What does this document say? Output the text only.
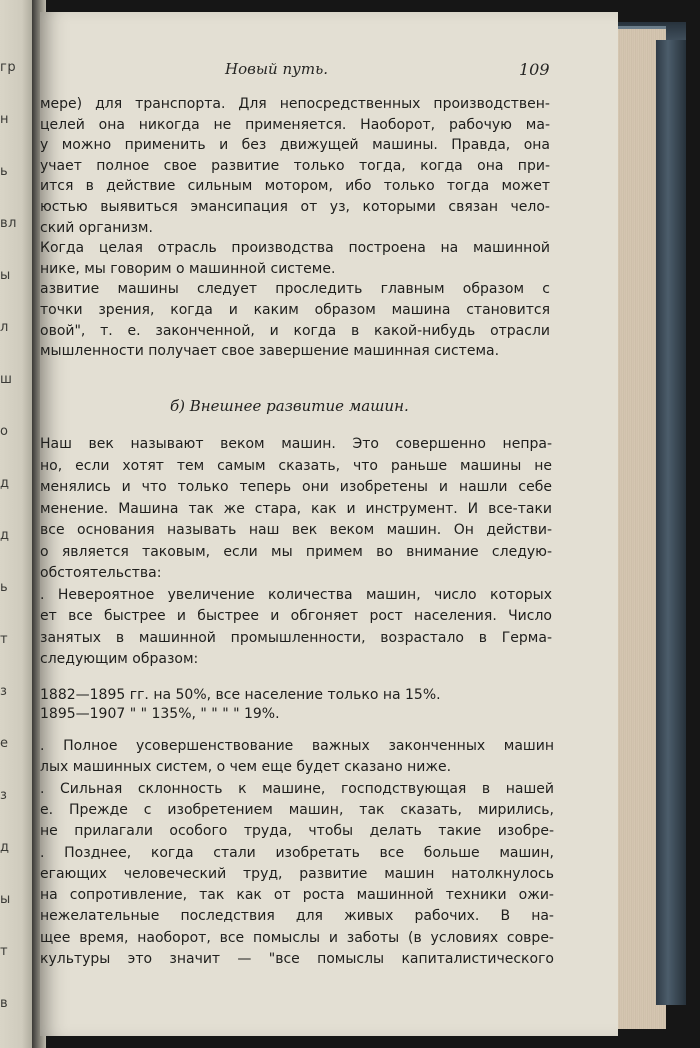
гр
н
ь
вл
ы
л
ш
о
д
д
ь
т
з
е
з
д
ы
т
в
Новый путь.	109
б) Внешнее развитие машин.
мере) для транспорта. Для непосредственных производствен-
целей она никогда не применяется. Наоборот, рабочую ма-
у можно применить и без движущей машины. Правда, она
учает полное свое развитие только тогда, когда она при-
ится в действие сильным мотором, ибо только тогда может
юстью выявиться эмансипация от уз, которыми связан чело-
ский организм.
Когда целая отрасль производства построена на машинной
нике, мы говорим о машинной системе.
азвитие машины следует проследить главным образом с
точки зрения, когда и каким образом машина становится
овой", т. е. законченной, и когда в какой-нибудь отрасли
мышленности получает свое завершение машинная система.
Наш век называют веком машин. Это совершенно непра-
но, если хотят тем самым сказать, что раньше машины не
менялись и что только теперь они изобретены и нашли себе
менение. Машина так же стара, как и инструмент. И все-таки
все основания называть наш век веком машин. Он действи-
о является таковым, если мы примем во внимание следую-
обстоятельства:
. Невероятное увеличение количества машин, число которых
ет все быстрее и быстрее и обгоняет рост населения. Число
занятых в машинной промышленности, возрастало в Герма-
следующим образом:
1882—1895 гг. на 50%, все население только на 15%.
1895—1907 " " 135%, " " " " 19%.
. Полное усовершенствование важных законченных машин
лых машинных систем, о чем еще будет сказано ниже.
. Сильная склонность к машине, господствующая в нашей
е. Прежде с изобретением машин, так сказать, мирились,
не прилагали особого труда, чтобы делать такие изобре-
. Позднее, когда стали изобретать все больше машин,
егающих человеческий труд, развитие машин натолкнулось
на сопротивление, так как от роста машинной техники ожи-
нежелательные последствия для живых рабочих. В на-
щее время, наоборот, все помыслы и заботы (в условиях совре-
культуры это значит — "все помыслы капиталистического
